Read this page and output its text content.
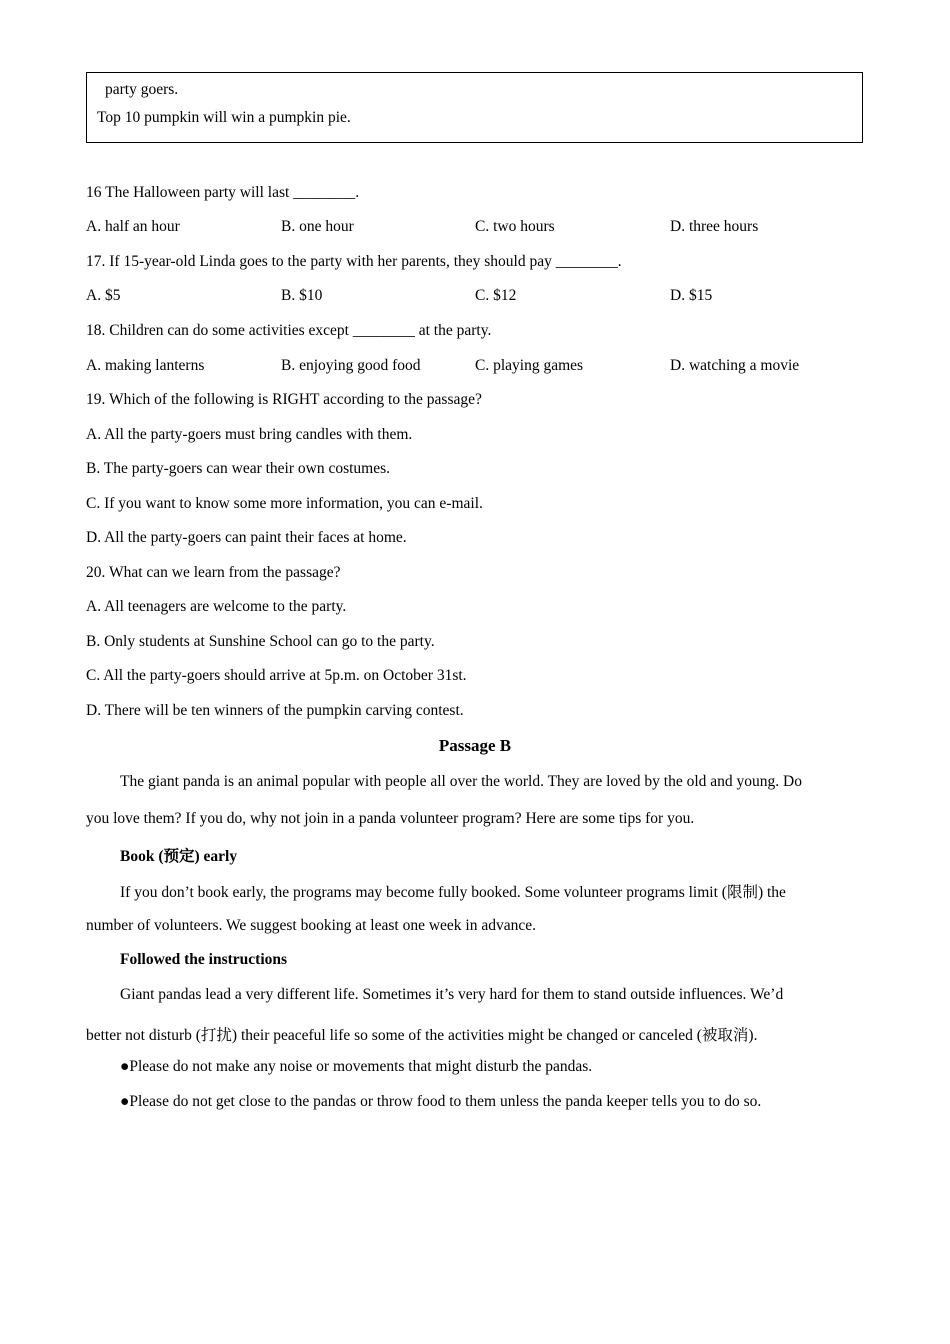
party goers.
Top 10 pumpkin will win a pumpkin pie.
16 The Halloween party will last ________.
A. half an hour	B. one hour	C. two hours	D. three hours
17. If 15-year-old Linda goes to the party with her parents, they should pay ________.
A. $5	B. $10	C. $12	D. $15
18. Children can do some activities except ________ at the party.
A. making lanterns	B. enjoying good food	C. playing games	D. watching a movie
19. Which of the following is RIGHT according to the passage?
A. All the party-goers must bring candles with them.
B. The party-goers can wear their own costumes.
C. If you want to know some more information, you can e-mail.
D. All the party-goers can paint their faces at home.
20. What can we learn from the passage?
A. All teenagers are welcome to the party.
B. Only students at Sunshine School can go to the party.
C. All the party-goers should arrive at 5p.m. on October 31st.
D. There will be ten winners of the pumpkin carving contest.
Passage B
The giant panda is an animal popular with people all over the world. They are loved by the old and young. Do
you love them? If you do, why not join in a panda volunteer program? Here are some tips for you.
Book (预定) early
If you don’t book early, the programs may become fully booked. Some volunteer programs limit (限制) the
number of volunteers. We suggest booking at least one week in advance.
Followed the instructions
Giant pandas lead a very different life. Sometimes it’s very hard for them to stand outside influences. We’d
better not disturb (打扰) their peaceful life so some of the activities might be changed or canceled (被取消).
●Please do not make any noise or movements that might disturb the pandas.
●Please do not get close to the pandas or throw food to them unless the panda keeper tells you to do so.
